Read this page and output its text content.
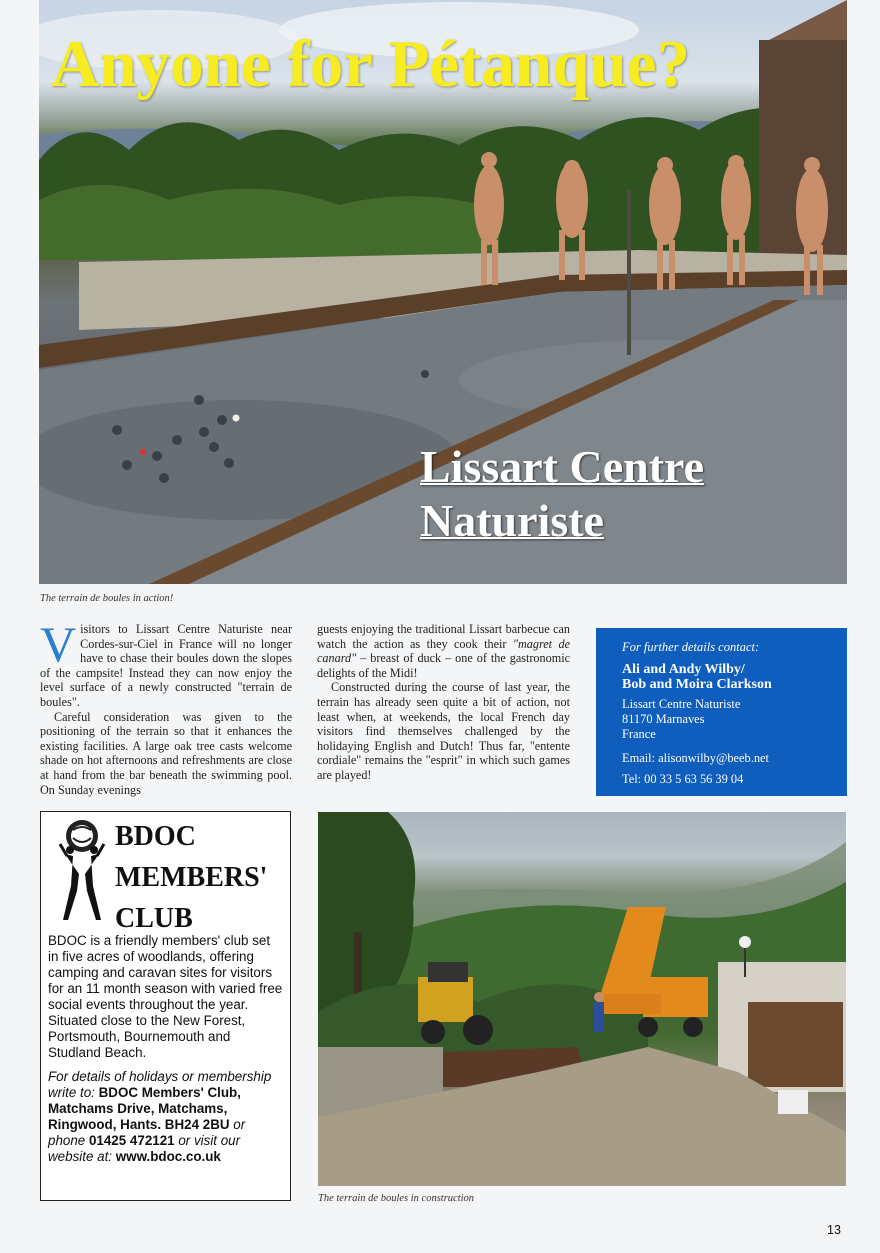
Anyone for Pétanque?
Lissart Centre
Naturiste
The terrain de boules in action!

Visitors to Lissart Centre Naturiste near Cordes-sur-Ciel in France will no longer have to chase their boules down the slopes of the campsite! Instead they can now enjoy the level surface of a newly constructed "terrain de boules".

Careful consideration was given to the positioning of the terrain so that it enhances the existing facilities. A large oak tree casts welcome shade on hot afternoons and refreshments are close at hand from the bar beneath the swimming pool. On Sunday evenings

guests enjoying the traditional Lissart barbecue can watch the action as they cook their "magret de canard" – breast of duck – one of the gastronomic delights of the Midi!

Constructed during the course of last year, the terrain has already seen quite a bit of action, not least when, at weekends, the local French day visitors find themselves challenged by the holidaying English and Dutch! Thus far, "entente cordiale" remains the "esprit" in which such games are played!

For further details contact:
Ali and Andy Wilby/
Bob and Moira Clarkson
Lissart Centre Naturiste
81170 Marnaves
France
Email: alisonwilby@beeb.net
Tel: 00 33 5 63 56 39 04
BDOC
MEMBERS'
CLUB

BDOC is a friendly members' club set in five acres of woodlands, offering camping and caravan sites for visitors for an 11 month season with varied free social events throughout the year. Situated close to the New Forest, Portsmouth, Bournemouth and Studland Beach.

For details of holidays or membership write to: BDOC Members' Club, Matchams Drive, Matchams, Ringwood, Hants. BH24 2BU or phone 01425 472121 or visit our website at: www.bdoc.co.uk

The terrain de boules in construction
13
